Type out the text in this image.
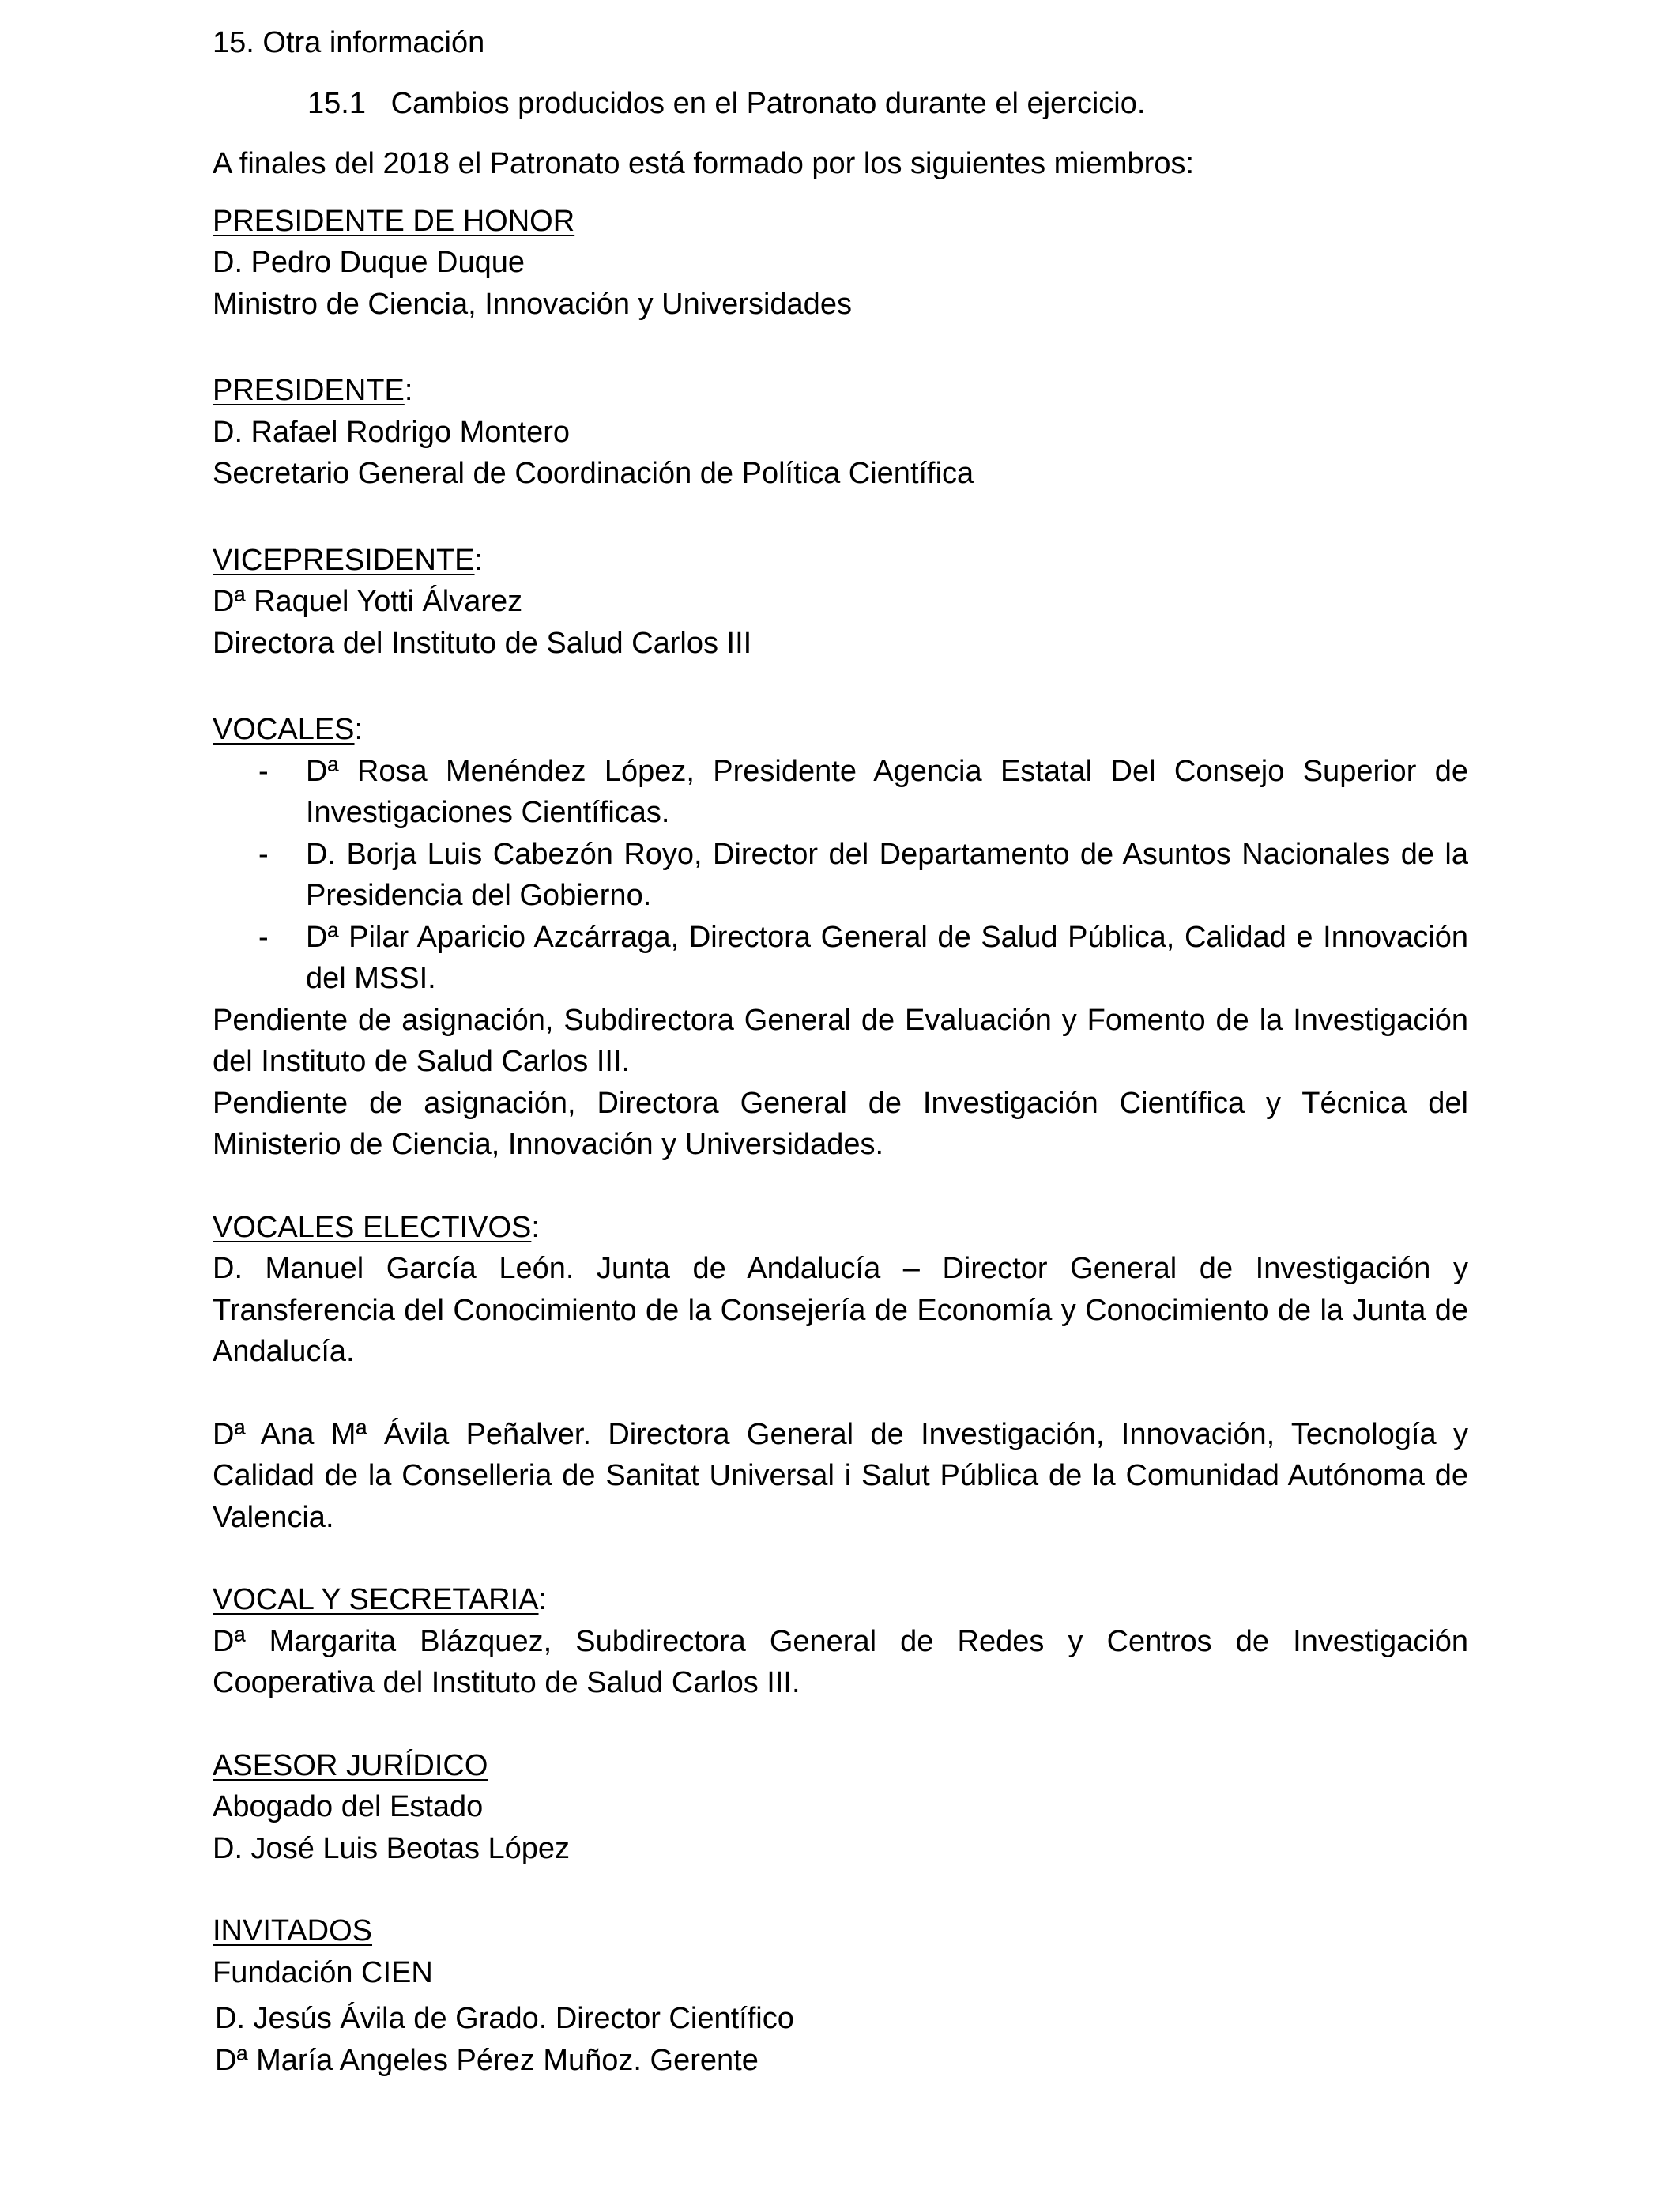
15. Otra información
15.1 Cambios producidos en el Patronato durante el ejercicio.
A finales del 2018 el Patronato está formado por los siguientes miembros:
PRESIDENTE DE HONOR
D. Pedro Duque Duque
Ministro de Ciencia, Innovación y Universidades
PRESIDENTE:
D. Rafael Rodrigo Montero
Secretario General de Coordinación de Política Científica
VICEPRESIDENTE:
Dª Raquel Yotti Álvarez
Directora del Instituto de Salud Carlos III
VOCALES:
- Dª Rosa Menéndez López, Presidente Agencia Estatal Del Consejo Superior de Investigaciones Científicas.
- D. Borja Luis Cabezón Royo, Director del Departamento de Asuntos Nacionales de la Presidencia del Gobierno.
- Dª Pilar Aparicio Azcárraga, Directora General de Salud Pública, Calidad e Innovación del MSSI.
Pendiente de asignación, Subdirectora General de Evaluación y Fomento de la Investigación del Instituto de Salud Carlos III.
Pendiente de asignación, Directora General de Investigación Científica y Técnica del Ministerio de Ciencia, Innovación y Universidades.
VOCALES ELECTIVOS:
D. Manuel García León. Junta de Andalucía – Director General de Investigación y Transferencia del Conocimiento de la Consejería de Economía y Conocimiento de la Junta de Andalucía.
Dª Ana Mª Ávila Peñalver. Directora General de Investigación, Innovación, Tecnología y Calidad de la Conselleria de Sanitat Universal i Salut Pública de la Comunidad Autónoma de Valencia.
VOCAL Y SECRETARIA:
Dª Margarita Blázquez, Subdirectora General de Redes y Centros de Investigación Cooperativa del Instituto de Salud Carlos III.
ASESOR JURÍDICO
Abogado del Estado
D. José Luis Beotas López
INVITADOS
Fundación CIEN
D. Jesús Ávila de Grado. Director Científico
Dª María Angeles Pérez Muñoz. Gerente
